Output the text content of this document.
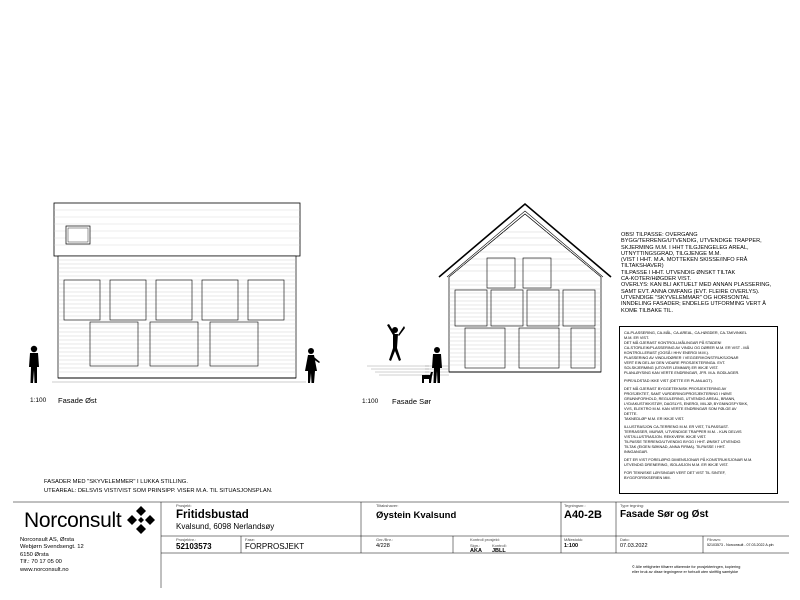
1:100 Fasade Øst	1:100 Fasade Sør
OBS! TILPASSE: OVERGANG
BYGG/TERRENG/UTVENDIG, UTVENDIGE TRAPPER,
SKJERMING M.M. I HHT TILGJENGELEG AREAL,
UTNYTTINGSGRAD, TILGJENGE M.M.
(VIST I HHT. M.A. MOTTEKEN SKISSE/INFO FRÅ
TILTAKSHAVER)
TILPASSE I HHT. UTVENDIG ØNSKT TILTAK
CA-KOTER/HØGDER VIST.
OVERLYS: KAN BLI AKTUELT MED ANNAN PLASSERING,
SAMT EVT. ANNA OMFANG (EVT. FLEIRE OVERLYS).
UTVENDIGE "SKYVELEMMAR" OG HORISONTAL
INNDELING FASADER; ENDELEG UTFORMING VERT Å
KOME TILBAKE TIL.
CA-PLASSERING, CA-MÅL, CA-AREAL, CA-HØGDER, CA-TAKVINKEL
M.M. ER VIST.
DET MÅ GJERAST KONTROLLMÅLINGAR PÅ STADEN!
CA-STORLEIK/PLASSERING AV VINDU OG DØRER M.M. ER VIST - MÅ
KONTROLLERAST (OGSÅ I HHV ENERGI M.M.).
PLASSERING AV VINDU/DØRER I VEGGER/KONSTRUKSJONAR
VERT EIN DEL AV DEN VIDARE PROSJEKTERINGA. EVT.
SOLSKJERMING (UTOVER LEMMAR) ER IKKJE VIST.
PLANLØYSING KAN VERTE ENDRINGAR, JFR. M.A. BODLAGER.
PIPE/ILDSTAD IKKE VIST (DETTE ER PLANLAGT).
DET MÅ GJERAST BYGGETEKNISK PROSJEKTERING AV
PROSJEKTET, SAMT VURDERING/PROSJEKTERING I HØVE
GRUNNFORHOLD, REGULERING, UTVENDIG AREAL, BRANN,
LYD/AKUSTIKK/STØY, DAGSLYS, ENERGI, MILJØ, BYGNINGSFYSIKK,
VVS, ELEKTRO M.M. KAN VERTE ENDRINGAR SOM FØLGE AV
DETTE.
TAKNEDLØP M.M. ER IKKJE VIST.
ILLUSTRASJON CA-TERRENG M.M. ER VIST, TILPASSAST.
TERRASSER, MURAR, UTVENDIGE TRAPPER M.M. - KUN DELVIS
VIST/ILLUSTRASJON. REKKVERK IKKJE VIST.
TILPASSE TERRENG/UTVENDIG BYGG I HHT. ØNSKT UTVENDIG
TILTAK (EIGEN SØKNAD, ANNA FIRMA). TILPASSE I HHT.
INNGANGAR.
DET ER VIST FORELØPIG DIMENSJONAR PÅ KONSTRUKSJONAR M.M.
UTVENDIG DRENERING, ISOLASJON M.M. ER IKKJE VIST.
FOR TEKNISKE LØYSINGAR VERT DET VIST TIL SINTEF,
BYGGFORSKSERIEN MM.
FASADER MED "SKYVELEMMER" I LUKKA STILLING.
UTEAREAL: DELSVIS VIST/VIST SOM PRINSIPP. VISER M.A. TIL SITUASJONSPLAN.
Norconsult
Norconsult AS, Ørsta
Webjørn Svendsengt. 12
6150 Ørsta
Tlf.: 70 17 05 00
www.norconsult.no
Prosjekt:
Fritidsbustad
Kvalsund, 6098 Nerlandsøy
Tiltakshaver:
Øystein Kvalsund
Tegningsnr.:
A40-2B
Type tegning:
Fasade Sør og Øst
Prosjektnr.:
52103573
Fase:
FORPROSJEKT
Gnr./Bnr.:
4/228
Kontroll prosjekt:
Sign.:	Kontroll:
AKA JBLL
Målestokk:
1:100
Dato:
07.03.2022
Filnavn:
52103573 - Norconsult - 07.03.2022 A.pln
© Alle rettigheter tilhører utførende for prosjekteringen, kopiering
eller bruk av disse tegningene er forbudt uten skriftlig samtykke
